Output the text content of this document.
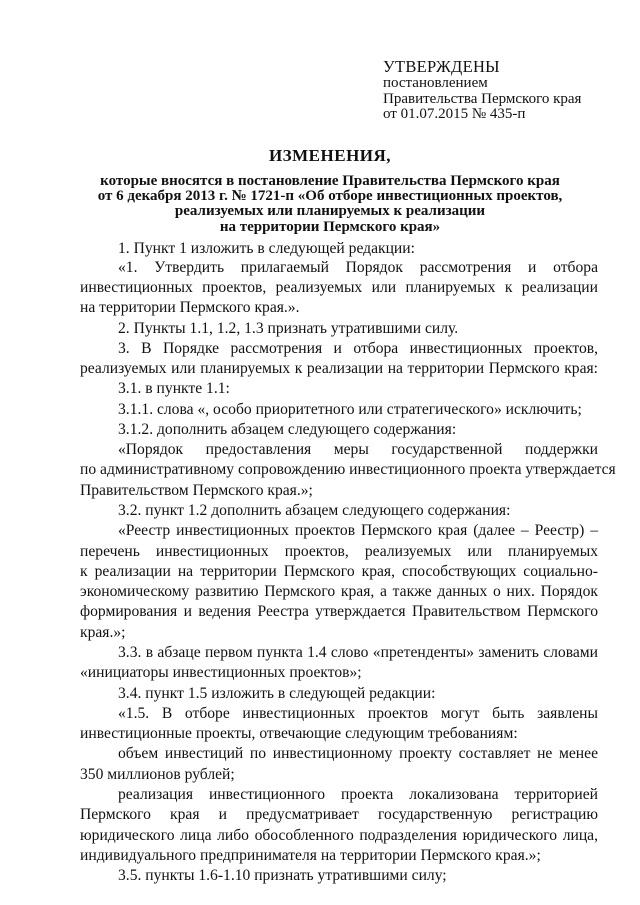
УТВЕРЖДЕНЫ
постановлением
Правительства Пермского края
от 01.07.2015 № 435-п
ИЗМЕНЕНИЯ,
которые вносятся в постановление Правительства Пермского края
от 6 декабря 2013 г. № 1721-п «Об отборе инвестиционных проектов,
реализуемых или планируемых к реализации
на территории Пермского края»
1. Пункт 1 изложить в следующей редакции:
«1. Утвердить прилагаемый Порядок рассмотрения и отбора
инвестиционных проектов, реализуемых или планируемых к реализации
на территории Пермского края.».
2. Пункты 1.1, 1.2, 1.3 признать утратившими силу.
3. В Порядке рассмотрения и отбора инвестиционных проектов,
реализуемых или планируемых к реализации на территории Пермского края:
3.1. в пункте 1.1:
3.1.1. слова «, особо приоритетного или стратегического» исключить;
3.1.2. дополнить абзацем следующего содержания:
«Порядок предоставления меры государственной поддержки
по административному сопровождению инвестиционного проекта утверждается
Правительством Пермского края.»;
3.2. пункт 1.2 дополнить абзацем следующего содержания:
«Реестр инвестиционных проектов Пермского края (далее – Реестр) –
перечень инвестиционных проектов, реализуемых или планируемых
к реализации на территории Пермского края, способствующих социально-
экономическому развитию Пермского края, а также данных о них. Порядок
формирования и ведения Реестра утверждается Правительством Пермского
края.»;
3.3. в абзаце первом пункта 1.4 слово «претенденты» заменить словами
«инициаторы инвестиционных проектов»;
3.4. пункт 1.5 изложить в следующей редакции:
«1.5. В отборе инвестиционных проектов могут быть заявлены
инвестиционные проекты, отвечающие следующим требованиям:
объем инвестиций по инвестиционному проекту составляет не менее
350 миллионов рублей;
реализация инвестиционного проекта локализована территорией
Пермского края и предусматривает государственную регистрацию
юридического лица либо обособленного подразделения юридического лица,
индивидуального предпринимателя на территории Пермского края.»;
3.5. пункты 1.6-1.10 признать утратившими силу;
